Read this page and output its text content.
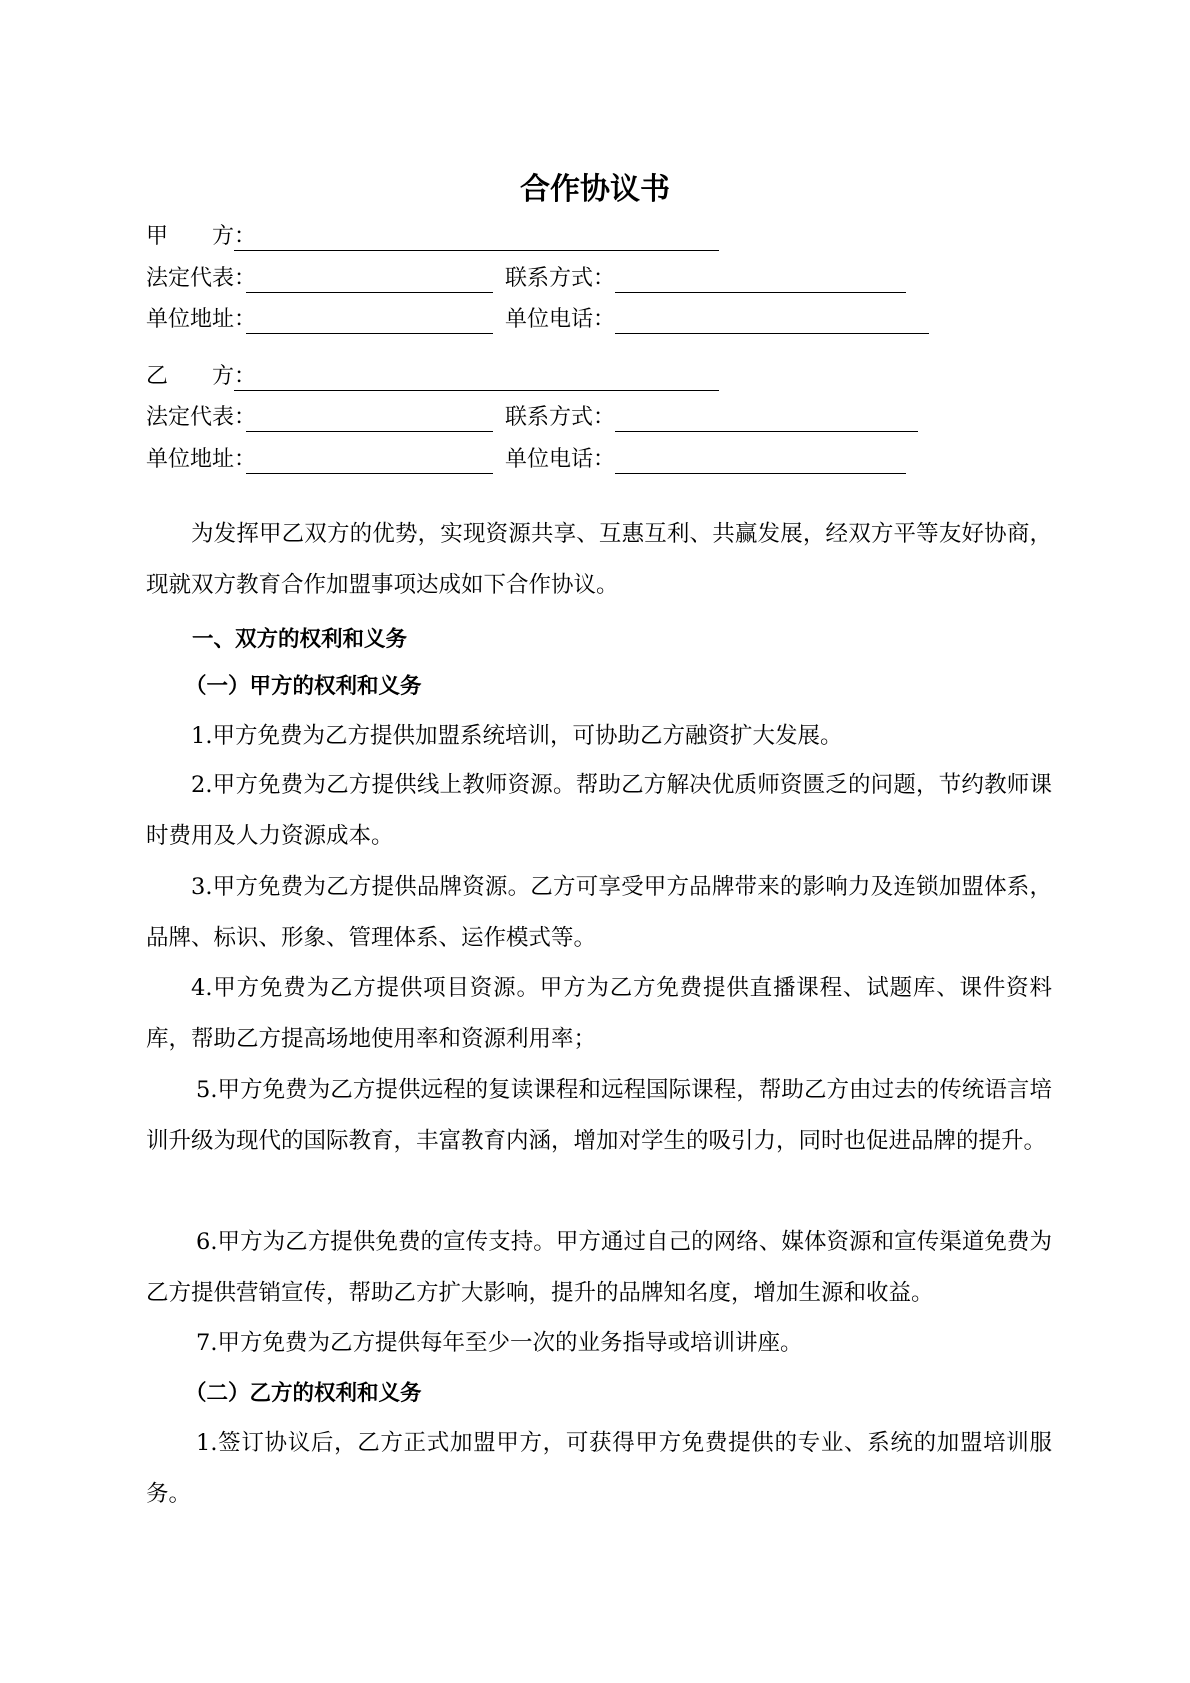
合作协议书
甲　　方：
法定代表：	联系方式：
单位地址：	单位电话：
乙　　方：
法定代表：	联系方式：
单位地址：	单位电话：

为发挥甲乙双方的优势，实现资源共享、互惠互利、共赢发展，经双方平等友好协商，现就双方教育合作加盟事项达成如下合作协议。

一、双方的权利和义务
（一）甲方的权利和义务

1.甲方免费为乙方提供加盟系统培训，可协助乙方融资扩大发展。

2.甲方免费为乙方提供线上教师资源。帮助乙方解决优质师资匮乏的问题，节约教师课时费用及人力资源成本。

3.甲方免费为乙方提供品牌资源。乙方可享受甲方品牌带来的影响力及连锁加盟体系，品牌、标识、形象、管理体系、运作模式等。

4.甲方免费为乙方提供项目资源。甲方为乙方免费提供直播课程、试题库、课件资料库，帮助乙方提高场地使用率和资源利用率；

5.甲方免费为乙方提供远程的复读课程和远程国际课程，帮助乙方由过去的传统语言培训升级为现代的国际教育，丰富教育内涵，增加对学生的吸引力，同时也促进品牌的提升。

6.甲方为乙方提供免费的宣传支持。甲方通过自己的网络、媒体资源和宣传渠道免费为乙方提供营销宣传，帮助乙方扩大影响，提升的品牌知名度，增加生源和收益。

7.甲方免费为乙方提供每年至少一次的业务指导或培训讲座。

（二）乙方的权利和义务

1.签订协议后，乙方正式加盟甲方，可获得甲方免费提供的专业、系统的加盟培训服务。
